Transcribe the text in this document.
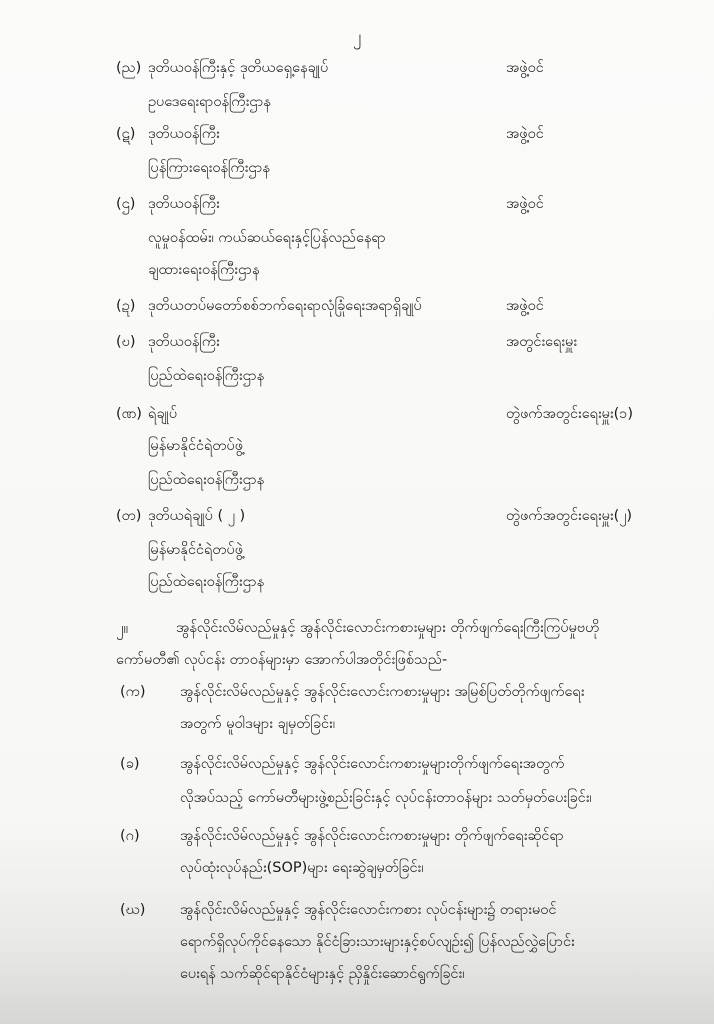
၂
(ည) ဒုတိယဝန်ကြီးနှင့် ဒုတိယရှေ့နေချုပ်	အဖွဲ့ဝင်
ဥပဒေရေးရာဝန်ကြီးဌာန
(ဋ) ဒုတိယဝန်ကြီး	အဖွဲ့ဝင်
ပြန်ကြားရေးဝန်ကြီးဌာန
(ဌ) ဒုတိယဝန်ကြီး	အဖွဲ့ဝင်
လူမှုဝန်ထမ်း၊ ကယ်ဆယ်ရေးနှင့်ပြန်လည်နေရာ
ချထားရေးဝန်ကြီးဌာန
(ဍ) ဒုတိယတပ်မတော်စစ်ဘက်ရေးရာလုံခြုံရေးအရာရှိချုပ်	အဖွဲ့ဝင်
(ဎ) ဒုတိယဝန်ကြီး	အတွင်းရေးမှူး
ပြည်ထဲရေးဝန်ကြီးဌာန
(ဏ) ရဲချုပ်	တွဲဖက်အတွင်းရေးမှူး(၁)
မြန်မာနိုင်ငံရဲတပ်ဖွဲ့
ပြည်ထဲရေးဝန်ကြီးဌာန
(တ) ဒုတိယရဲချုပ် ( ၂ )	တွဲဖက်အတွင်းရေးမှူး(၂)
မြန်မာနိုင်ငံရဲတပ်ဖွဲ့
ပြည်ထဲရေးဝန်ကြီးဌာန
၂။	အွန်လိုင်းလိမ်လည်မှုနှင့် အွန်လိုင်းလောင်းကစားမှုများ တိုက်ဖျက်ရေးကြီးကြပ်မှုဗဟို
ကော်မတီ၏ လုပ်ငန်း တာဝန်များမှာ အောက်ပါအတိုင်းဖြစ်သည်-
(က) အွန်လိုင်းလိမ်လည်မှုနှင့် အွန်လိုင်းလောင်းကစားမှုများ အမြစ်ပြတ်တိုက်ဖျက်ရေး
အတွက် မူဝါဒများ ချမှတ်ခြင်း၊
(ခ)	အွန်လိုင်းလိမ်လည်မှုနှင့် အွန်လိုင်းလောင်းကစားမှုများတိုက်ဖျက်ရေးအတွက်
လိုအပ်သည့် ကော်မတီများဖွဲ့စည်းခြင်းနှင့် လုပ်ငန်းတာဝန်များ သတ်မှတ်ပေးခြင်း၊
(ဂ)	အွန်လိုင်းလိမ်လည်မှုနှင့် အွန်လိုင်းလောင်းကစားမှုများ တိုက်ဖျက်ရေးဆိုင်ရာ
လုပ်ထုံးလုပ်နည်း(SOP)များ ရေးဆွဲချမှတ်ခြင်း၊
(ဃ) အွန်လိုင်းလိမ်လည်မှုနှင့် အွန်လိုင်းလောင်းကစား လုပ်ငန်းများ၌ တရားမဝင်
ရောက်ရှိလုပ်ကိုင်နေသော နိုင်ငံခြားသားများနှင့်စပ်လျဉ်း၍ ပြန်လည်လွှဲပြောင်း
ပေးရန် သက်ဆိုင်ရာနိုင်ငံများနှင့် ညှိနှိုင်းဆောင်ရွက်ခြင်း၊
